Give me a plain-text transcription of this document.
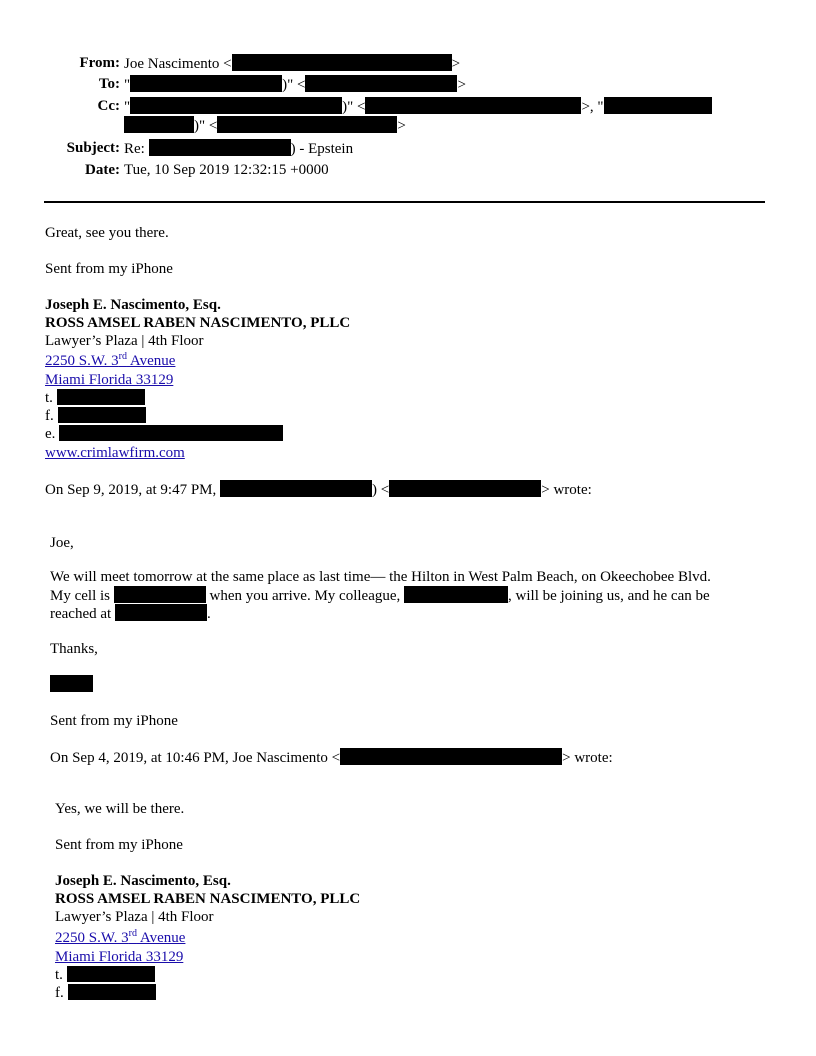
From: Joe Nascimento <	>
To: "	)" <	>
Cc: "	)" <	>, "
)" <	>
Subject: Re:	) - Epstein
Date: Tue, 10 Sep 2019 12:32:15 +0000
Great, see you there.
Sent from my iPhone
Joseph E. Nascimento, Esq.
ROSS AMSEL RABEN NASCIMENTO, PLLC
Lawyer’s Plaza | 4th Floor
2250 S.W. 3rd Avenue
Miami Florida 33129
t.
f.
e.
www.crimlawfirm.com
On Sep 9, 2019, at 9:47 PM,	) <	> wrote:
Joe,
We will meet tomorrow at the same place as last time— the Hilton in West Palm Beach, on Okeechobee Blvd.
My cell is	when you arrive. My colleague,	, will be joining us, and he can be
reached at	.
Thanks,
Sent from my iPhone
On Sep 4, 2019, at 10:46 PM, Joe Nascimento <	> wrote:
Yes, we will be there.
Sent from my iPhone
Joseph E. Nascimento, Esq.
ROSS AMSEL RABEN NASCIMENTO, PLLC
Lawyer’s Plaza | 4th Floor
2250 S.W. 3rd Avenue
Miami Florida 33129
t.
f.
